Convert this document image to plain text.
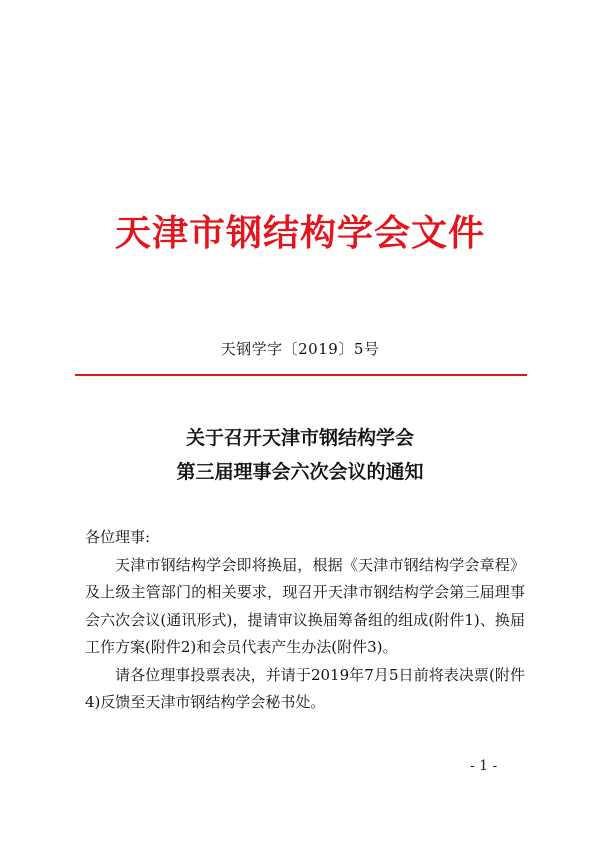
天津市钢结构学会文件
天钢学字〔2019〕5号
关于召开天津市钢结构学会
第三届理事会六次会议的通知

各位理事:

天津市钢结构学会即将换届，根据《天津市钢结构学会章程》及上级主管部门的相关要求，现召开天津市钢结构学会第三届理事会六次会议(通讯形式)，提请审议换届筹备组的组成(附件1)、换届工作方案(附件2)和会员代表产生办法(附件3)。

请各位理事投票表决，并请于2019年7月5日前将表决票(附件4)反馈至天津市钢结构学会秘书处。

- 1 -
